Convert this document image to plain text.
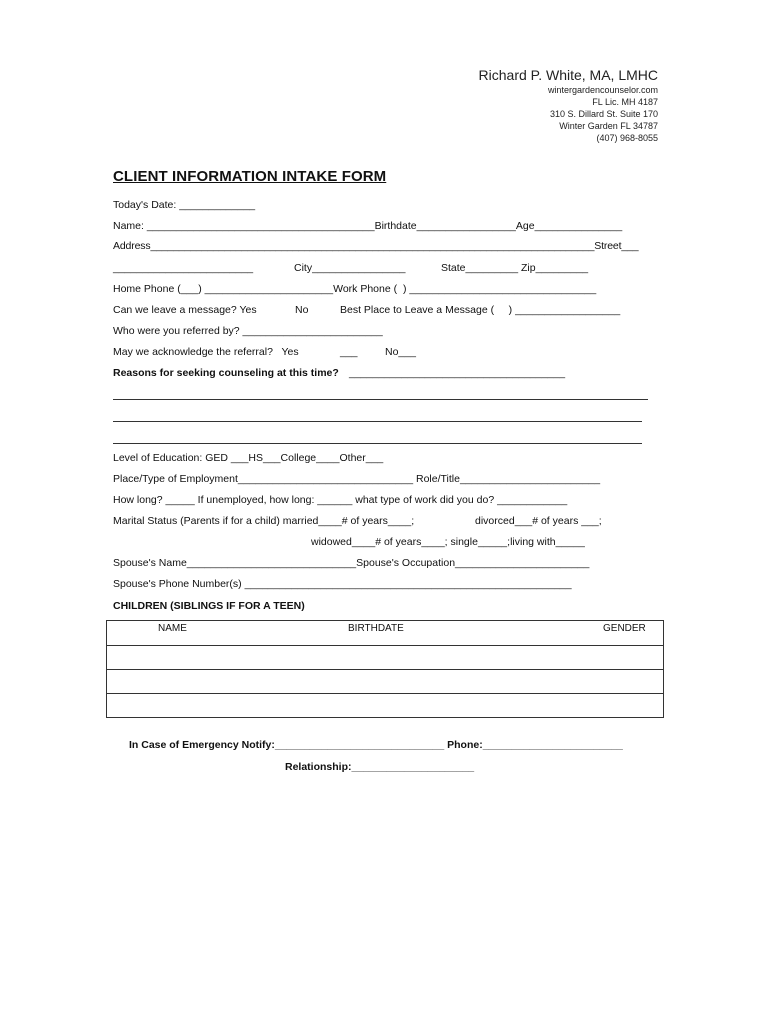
Richard P. White, MA, LMHC
wintergardencounselor.com
FL Lic. MH 4187
310 S. Dillard St. Suite 170
Winter Garden FL 34787
(407) 968-8055
CLIENT INFORMATION INTAKE FORM
Today's Date: _____________
Name: _______________________________________Birthdate_________________Age_______________
Address______________________________________________________________________________Street___
________________________	City________________	State_________ Zip_________
Home Phone (___) ______________________Work Phone (  ) ________________________________
Can we leave a message? Yes	No	Best Place to Leave a Message (     ) __________________
Who were you referred by? ________________________
May we acknowledge the referral?   Yes	___	No___
Reasons for seeking counseling at this time? _____________________________________
Level of Education: GED ___HS___College____Other___
Place/Type of Employment______________________________ Role/Title________________________
How long? _____ If unemployed, how long: ______ what type of work did you do? ____________
Marital Status (Parents if for a child) married____# of years____;	divorced___# of years ___;
widowed____# of years____; single_____;living with_____
Spouse's Name_____________________________Spouse's Occupation_______________________
Spouse's Phone Number(s) ________________________________________________________
CHILDREN (SIBLINGS IF FOR A TEEN)
NAME	BIRTHDATE	GENDER

In Case of Emergency Notify:_____________________________ Phone:________________________
Relationship:_____________________
